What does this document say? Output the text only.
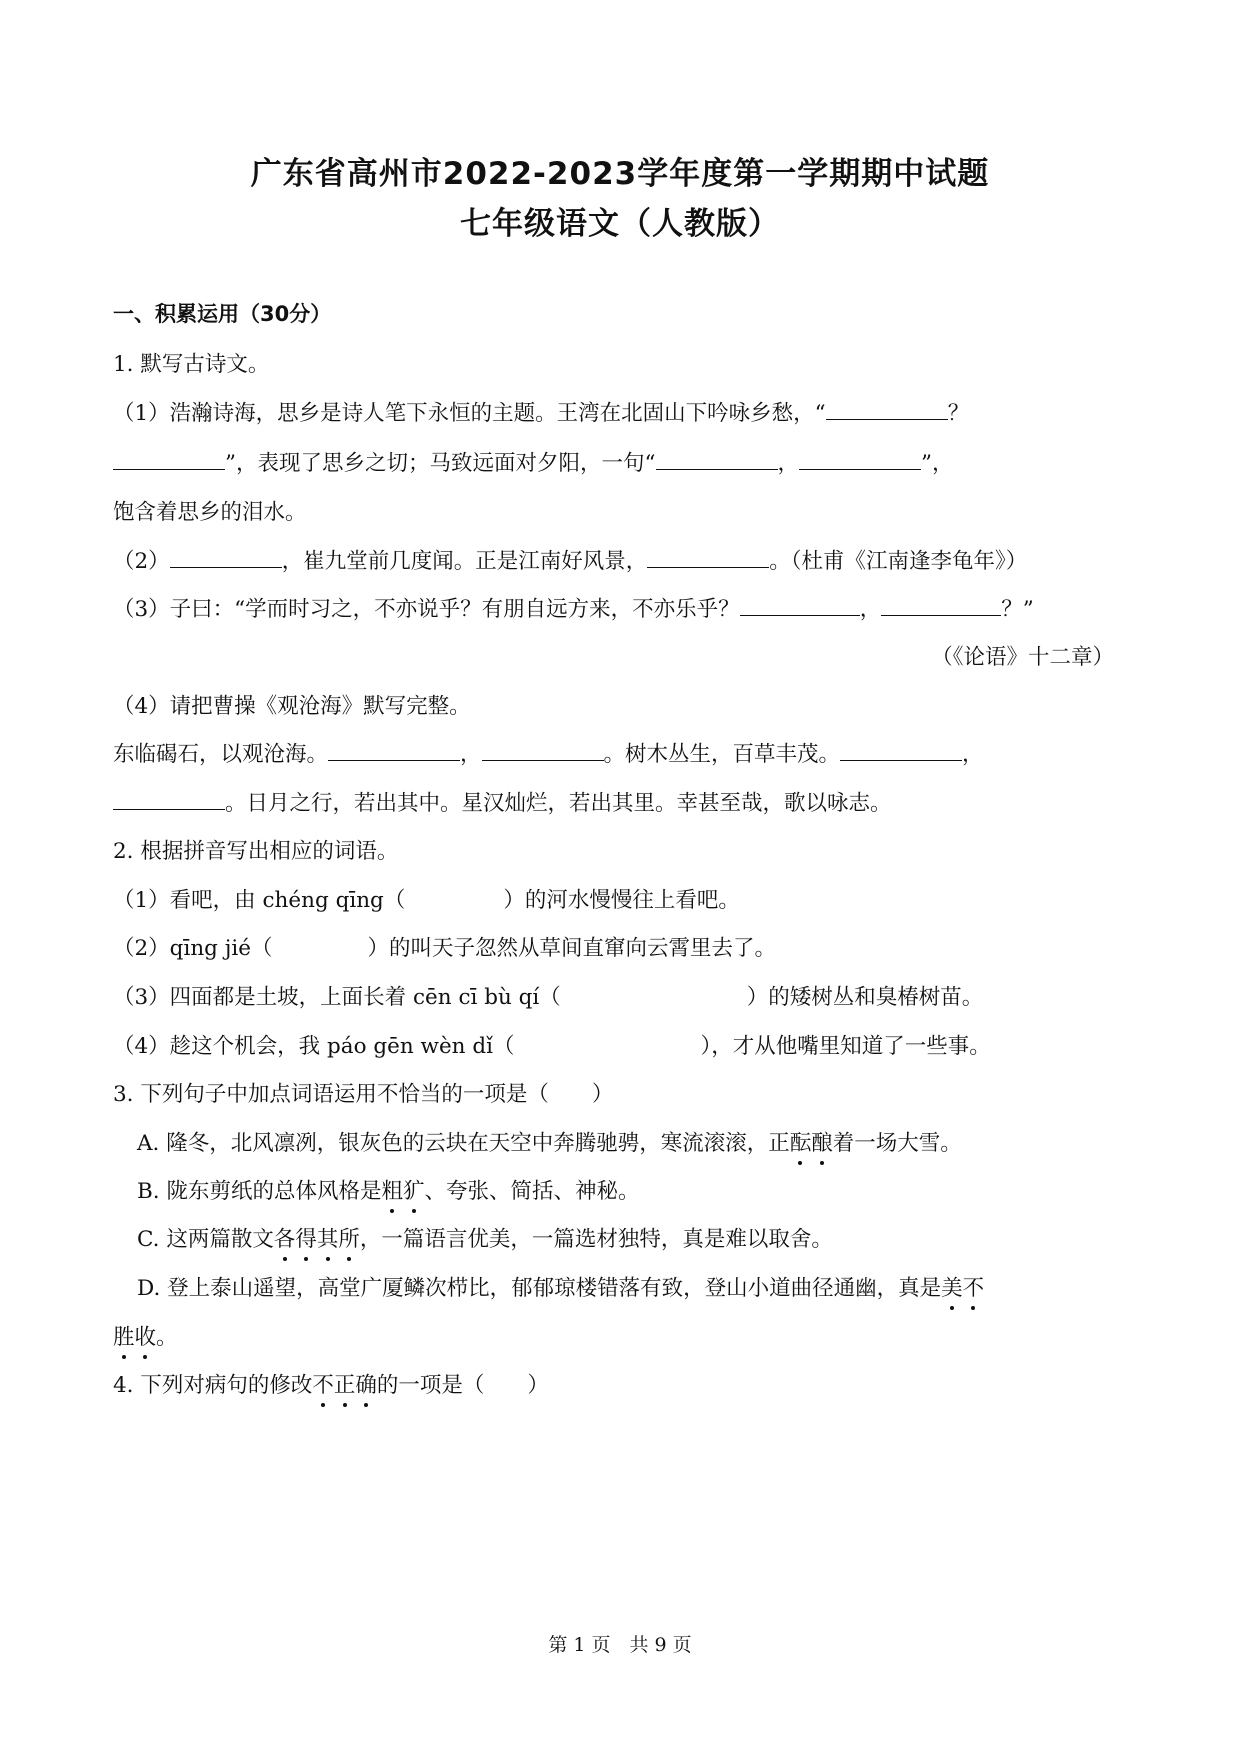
广东省高州市2022-2023学年度第一学期期中试题
七年级语文（人教版）
一、积累运用（30分）
1. 默写古诗文。
（1）浩瀚诗海，思乡是诗人笔下永恒的主题。王湾在北固山下吟咏乡愁，“	？
”，表现了思乡之切；马致远面对夕阳，一句“	，	”，
饱含着思乡的泪水。
（2）	，崔九堂前几度闻。正是江南好风景，	。（杜甫《江南逢李龟年》）
（3）子曰：“学而时习之，不亦说乎？有朋自远方来，不亦乐乎？	，	？”
（《论语》十二章）
（4）请把曹操《观沧海》默写完整。
东临碣石，以观沧海。	，	。树木丛生，百草丰茂。	，
。日月之行，若出其中。星汉灿烂，若出其里。幸甚至哉，歌以咏志。
2. 根据拼音写出相应的词语。
（1）看吧，由 chéng qīng（	）的河水慢慢往上看吧。
（2）qīng jié（	）的叫天子忽然从草间直窜向云霄里去了。
（3）四面都是土坡，上面长着 cēn cī bù qí（	）的矮树丛和臭椿树苗。
（4）趁这个机会，我 páo gēn wèn dǐ（	），才从他嘴里知道了一些事。
3. 下列句子中加点词语运用不恰当的一项是（　　）
A. 隆冬，北风凛冽，银灰色的云块在天空中奔腾驰骋，寒流滚滚，正酝酿着一场大雪。
B. 陇东剪纸的总体风格是粗犷、夸张、简括、神秘。
C. 这两篇散文各得其所，一篇语言优美，一篇选材独特，真是难以取舍。
D. 登上泰山遥望，高堂广厦鳞次栉比，郁郁琼楼错落有致，登山小道曲径通幽，真是美不
胜收。
4. 下列对病句的修改不正确的一项是（　　）
第 1 页　共 9 页
